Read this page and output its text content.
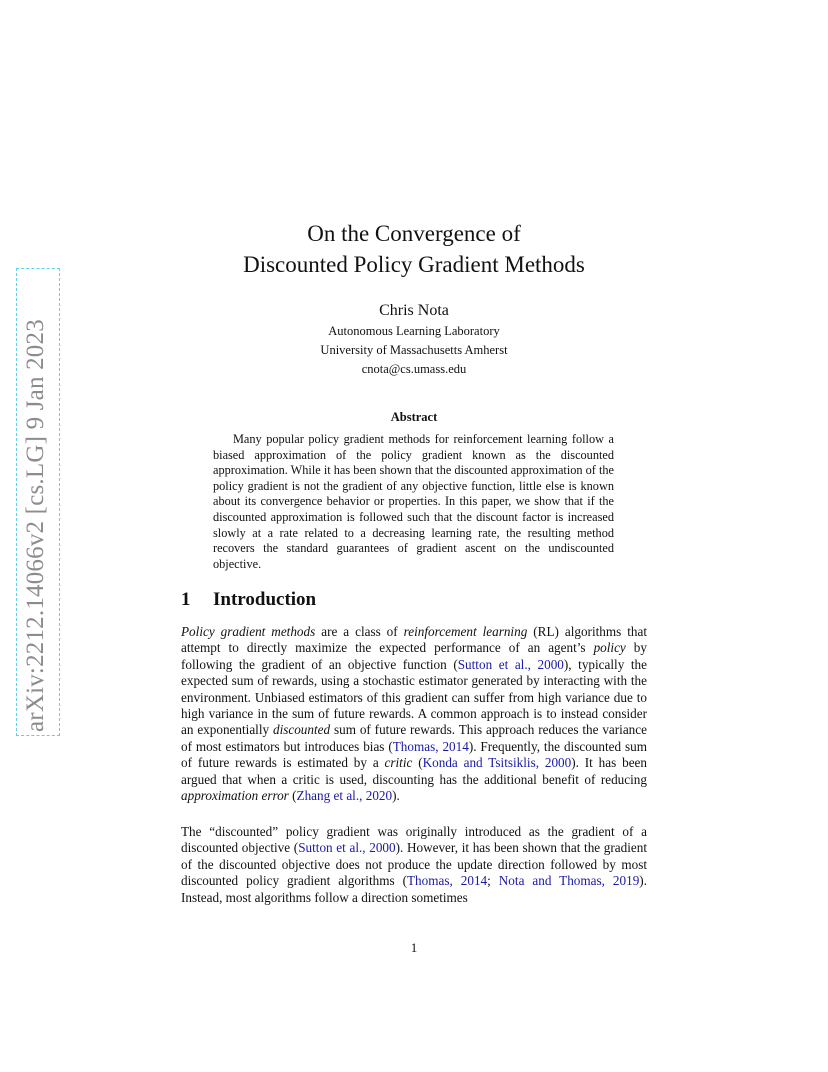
arXiv:2212.14066v2 [cs.LG] 9 Jan 2023
On the Convergence of
Discounted Policy Gradient Methods
Chris Nota
Autonomous Learning Laboratory
University of Massachusetts Amherst
cnota@cs.umass.edu
Abstract

Many popular policy gradient methods for reinforcement learning follow a biased approximation of the policy gradient known as the discounted approximation. While it has been shown that the discounted approximation of the policy gradient is not the gradient of any objective function, little else is known about its convergence behavior or properties. In this paper, we show that if the discounted approximation is followed such that the discount factor is increased slowly at a rate related to a decreasing learning rate, the resulting method recovers the standard guarantees of gradient ascent on the undiscounted objective.

1 Introduction

Policy gradient methods are a class of reinforcement learning (RL) algorithms that attempt to directly maximize the expected performance of an agent’s policy by following the gradient of an objective function (Sutton et al., 2000), typically the expected sum of rewards, using a stochastic estimator generated by interacting with the environment. Unbiased estimators of this gradient can suffer from high variance due to high variance in the sum of future rewards. A common approach is to instead consider an exponentially discounted sum of future rewards. This approach reduces the variance of most estimators but introduces bias (Thomas, 2014). Frequently, the discounted sum of future rewards is estimated by a critic (Konda and Tsitsiklis, 2000). It has been argued that when a critic is used, discounting has the additional benefit of reducing approximation error (Zhang et al., 2020).

The “discounted” policy gradient was originally introduced as the gradient of a discounted objective (Sutton et al., 2000). However, it has been shown that the gradient of the discounted objective does not produce the update direction followed by most discounted policy gradient algorithms (Thomas, 2014; Nota and Thomas, 2019). Instead, most algorithms follow a direction sometimes

1
